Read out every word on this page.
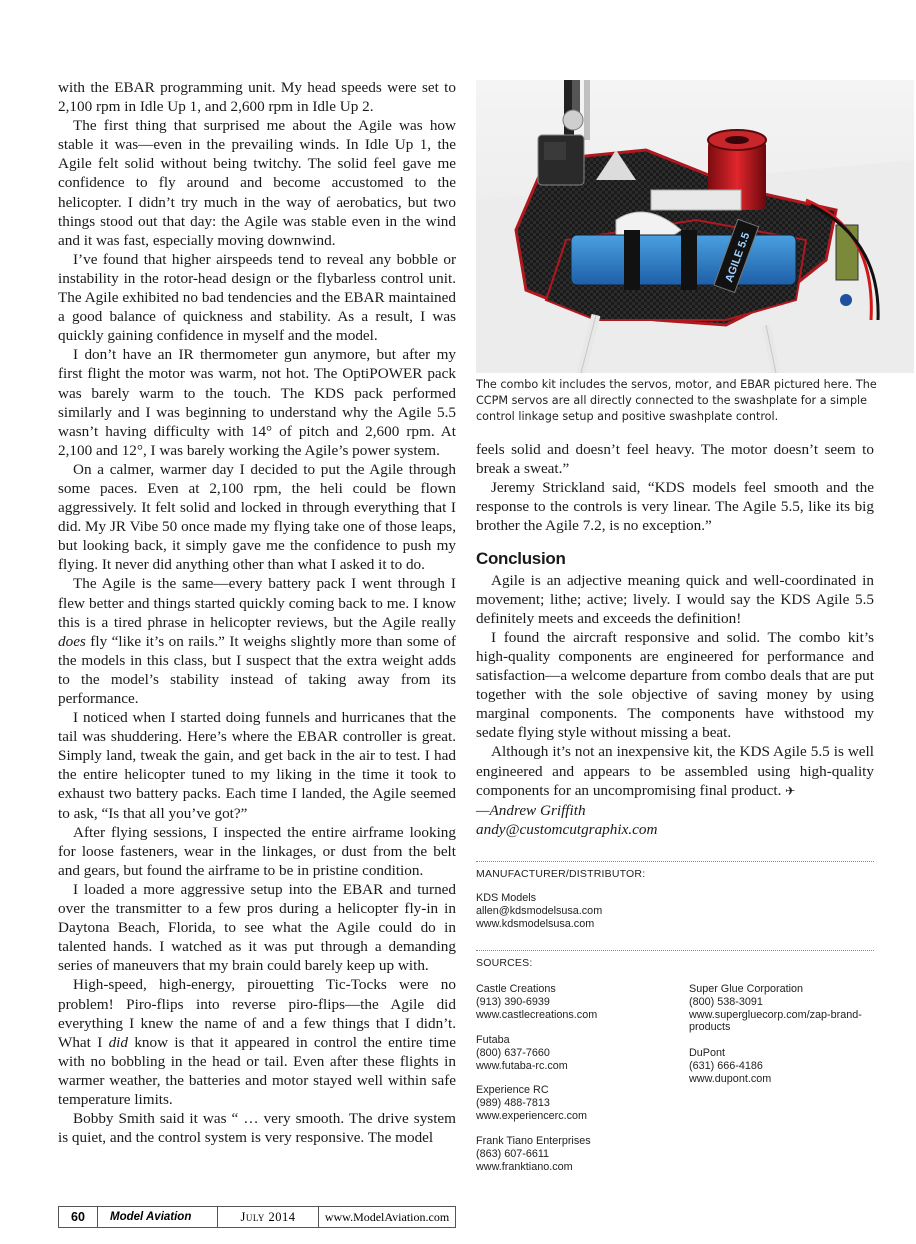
with the EBAR programming unit. My head speeds were set to 2,100 rpm in Idle Up 1, and 2,600 rpm in Idle Up 2.

The first thing that surprised me about the Agile was how stable it was—even in the prevailing winds. In Idle Up 1, the Agile felt solid without being twitchy. The solid feel gave me confidence to fly around and become accustomed to the helicopter. I didn’t try much in the way of aerobatics, but two things stood out that day: the Agile was stable even in the wind and it was fast, especially moving downwind.

I’ve found that higher airspeeds tend to reveal any bobble or instability in the rotor-head design or the flybarless control unit. The Agile exhibited no bad tendencies and the EBAR maintained a good balance of quickness and stability. As a result, I was quickly gaining confidence in myself and the model.

I don’t have an IR thermometer gun anymore, but after my first flight the motor was warm, not hot. The OptiPOWER pack was barely warm to the touch. The KDS pack performed similarly and I was beginning to understand why the Agile 5.5 wasn’t having difficulty with 14° of pitch and 2,600 rpm. At 2,100 and 12°, I was barely working the Agile’s power system.

On a calmer, warmer day I decided to put the Agile through some paces. Even at 2,100 rpm, the heli could be flown aggressively. It felt solid and locked in through everything that I did. My JR Vibe 50 once made my flying take one of those leaps, but looking back, it simply gave me the confidence to push my flying. It never did anything other than what I asked it to do.

The Agile is the same—every battery pack I went through I flew better and things started quickly coming back to me. I know this is a tired phrase in helicopter reviews, but the Agile really does fly “like it’s on rails.” It weighs slightly more than some of the models in this class, but I suspect that the extra weight adds to the model’s stability instead of taking away from its performance.

I noticed when I started doing funnels and hurricanes that the tail was shuddering. Here’s where the EBAR controller is great. Simply land, tweak the gain, and get back in the air to test. I had the entire helicopter tuned to my liking in the time it took to exhaust two battery packs. Each time I landed, the Agile seemed to ask, “Is that all you’ve got?”

After flying sessions, I inspected the entire airframe looking for loose fasteners, wear in the linkages, or dust from the belt and gears, but found the airframe to be in pristine condition.

I loaded a more aggressive setup into the EBAR and turned over the transmitter to a few pros during a helicopter fly-in in Daytona Beach, Florida, to see what the Agile could do in talented hands. I watched as it was put through a demanding series of maneuvers that my brain could barely keep up with.

High-speed, high-energy, pirouetting Tic-Tocks were no problem! Piro-flips into reverse piro-flips—the Agile did everything I knew the name of and a few things that I didn’t. What I did know is that it appeared in control the entire time with no bobbling in the head or tail. Even after these flights in warmer weather, the batteries and motor stayed well within safe temperature limits.

Bobby Smith said it was “ … very smooth. The drive system is quiet, and the control system is very responsive. The model

AGILE 5.5
The combo kit includes the servos, motor, and EBAR pictured here. The CCPM servos are all directly connected to the swashplate for a simple control linkage setup and positive swashplate control.

feels solid and doesn’t feel heavy. The motor doesn’t seem to break a sweat.”

Jeremy Strickland said, “KDS models feel smooth and the response to the controls is very linear. The Agile 5.5, like its big brother the Agile 7.2, is no exception.”

Conclusion

Agile is an adjective meaning quick and well-coordinated in movement; lithe; active; lively. I would say the KDS Agile 5.5 definitely meets and exceeds the definition!

I found the aircraft responsive and solid. The combo kit’s high-quality components are engineered for performance and satisfaction—a welcome departure from combo deals that are put together with the sole objective of saving money by using marginal components. The components have withstood my sedate flying style without missing a beat.

Although it’s not an inexpensive kit, the KDS Agile 5.5 is well engineered and appears to be assembled using high-quality components for an uncompromising final product. ✈

—Andrew Griffith

andy@customcutgraphix.com

MANUFACTURER/DISTRIBUTOR:
KDS Models
allen@kdsmodelsusa.com
www.kdsmodelsusa.com
SOURCES:
Castle Creations
(913) 390-6939
www.castlecreations.com
Futaba
(800) 637-7660
www.futaba-rc.com
Experience RC
(989) 488-7813
www.experiencerc.com
Frank Tiano Enterprises
(863) 607-6611
www.franktiano.com
Super Glue Corporation
(800) 538-3091
www.supergluecorp.com/zap-brand-
products
DuPont
(631) 666-4186
www.dupont.com
60	Model Aviation	July 2014	www.ModelAviation.com
